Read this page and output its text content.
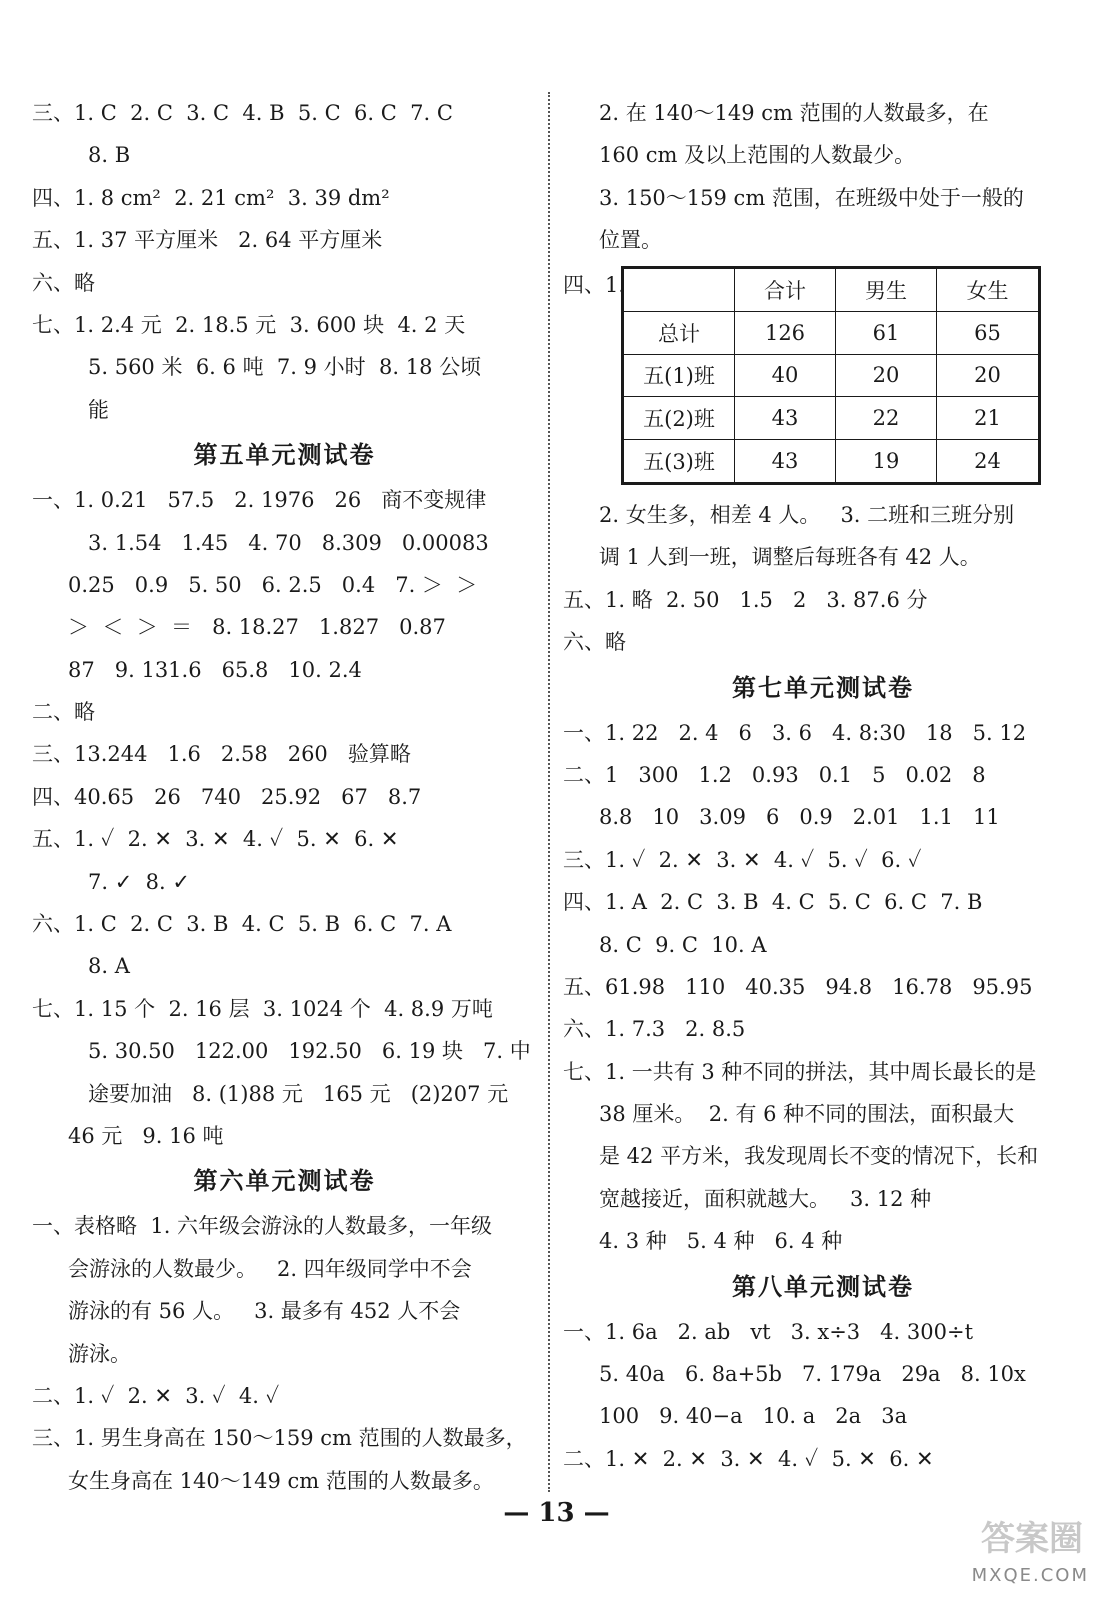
三、1. C  2. C  3. C  4. B  5. C  6. C  7. C
8. B
四、1. 8 cm²  2. 21 cm²  3. 39 dm²
五、1. 37 平方厘米   2. 64 平方厘米
六、略
七、1. 2.4 元  2. 18.5 元  3. 600 块  4. 2 天
5. 560 米  6. 6 吨  7. 9 小时  8. 18 公顷
能
第五单元测试卷
一、1. 0.21   57.5   2. 1976   26   商不变规律
3. 1.54   1.45   4. 70   8.309   0.00083
0.25   0.9   5. 50   6. 2.5   0.4   7. ＞  ＞
＞  ＜  ＞  ＝   8. 18.27   1.827   0.87
87   9. 131.6   65.8   10. 2.4
二、略
三、13.244   1.6   2.58   260   验算略
四、40.65   26   740   25.92   67   8.7
五、1. ✓  2. ✕  3. ✕  4. ✓  5. ✕  6. ✕
7. ✓  8. ✓
六、1. C  2. C  3. B  4. C  5. B  6. C  7. A
8. A
七、1. 15 个  2. 16 层  3. 1024 个  4. 8.9 万吨
5. 30.50   122.00   192.50   6. 19 块   7. 中
途要加油   8. (1)88 元   165 元   (2)207 元
46 元   9. 16 吨
第六单元测试卷
一、表格略  1. 六年级会游泳的人数最多，一年级
会游泳的人数最少。   2. 四年级同学中不会
游泳的有 56 人。   3. 最多有 452 人不会
游泳。
二、1. ✓  2. ✕  3. ✓  4. ✓
三、1. 男生身高在 150～159 cm 范围的人数最多，
女生身高在 140～149 cm 范围的人数最多。
2. 在 140～149 cm 范围的人数最多，在
160 cm 及以上范围的人数最少。
3. 150～159 cm 范围，在班级中处于一般的
位置。
四、1.
		合计	男生	女生
总计	126	61	65
五(1)班	40	20	20
五(2)班	43	22	21
五(3)班	43	19	24
2. 女生多，相差 4 人。   3. 二班和三班分别
调 1 人到一班，调整后每班各有 42 人。
五、1. 略  2. 50   1.5   2   3. 87.6 分
六、略
第七单元测试卷
一、1. 22   2. 4   6   3. 6   4. 8:30   18   5. 12
二、1   300   1.2   0.93   0.1   5   0.02   8
8.8   10   3.09   6   0.9   2.01   1.1   11
三、1. ✓  2. ✕  3. ✕  4. ✓  5. ✓  6. ✓
四、1. A  2. C  3. B  4. C  5. C  6. C  7. B
8. C  9. C  10. A
五、61.98   110   40.35   94.8   16.78   95.95
六、1. 7.3   2. 8.5
七、1. 一共有 3 种不同的拼法，其中周长最长的是
38 厘米。  2. 有 6 种不同的围法，面积最大
是 42 平方米，我发现周长不变的情况下，长和
宽越接近，面积就越大。   3. 12 种
4. 3 种   5. 4 种   6. 4 种
第八单元测试卷
一、1. 6a   2. ab   vt   3. x÷3   4. 300÷t
5. 40a   6. 8a+5b   7. 179a   29a   8. 10x
100   9. 40−a   10. a   2a   3a
二、1. ✕  2. ✕  3. ✕  4. ✓  5. ✕  6. ✕
— 13 —
答案圈
MXQE.COM
